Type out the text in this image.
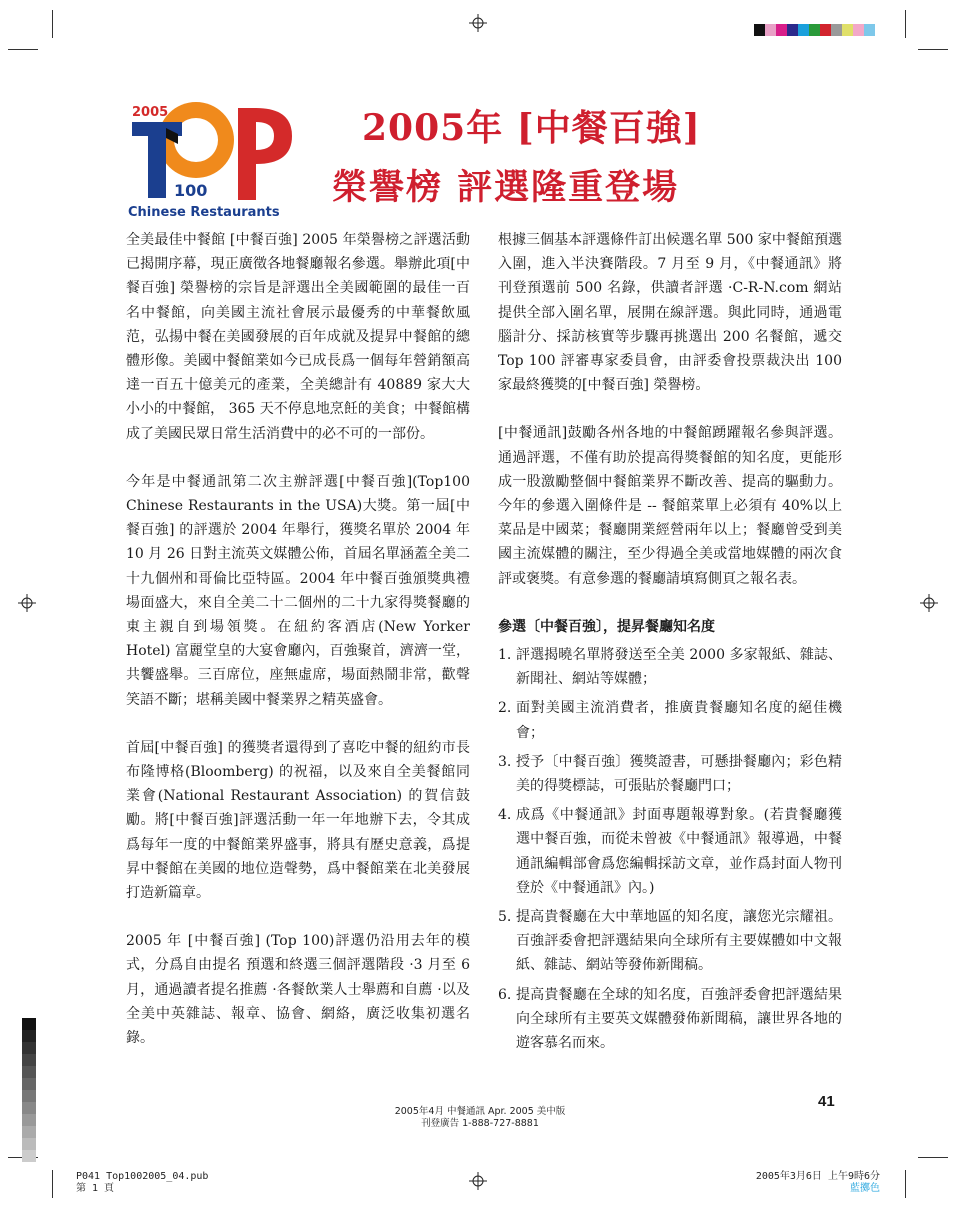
2005
100
Chinese Restaurants
2005年 [中餐百強]
榮譽榜 評選隆重登場

全美最佳中餐館 [中餐百強] 2005 年榮譽榜之評選活動已揭開序幕，現正廣徵各地餐廳報名參選。舉辦此項[中餐百強] 榮譽榜的宗旨是評選出全美國範圍的最佳一百名中餐館，向美國主流社會展示最優秀的中華餐飲風范，弘揚中餐在美國發展的百年成就及提昇中餐館的總體形像。美國中餐館業如今已成長爲一個每年營銷額高達一百五十億美元的產業，全美總計有 40889 家大大小小的中餐館， 365 天不停息地烹飪的美食；中餐館構成了美國民眾日常生活消費中的必不可的一部份。

今年是中餐通訊第二次主辦評選[中餐百強](Top100 Chinese Restaurants in the USA)大獎。第一屆[中餐百強] 的評選於 2004 年舉行，獲獎名單於 2004 年 10 月 26 日對主流英文媒體公佈，首屆名單涵蓋全美二十九個州和哥倫比亞特區。2004 年中餐百強頒獎典禮場面盛大，來自全美二十二個州的二十九家得獎餐廳的東主親自到場領獎。在紐約客酒店(New Yorker Hotel) 富麗堂皇的大宴會廳內，百強聚首，濟濟一堂，共饗盛舉。三百席位，座無虛席，場面熱鬧非常，歡聲笑語不斷；堪稱美國中餐業界之精英盛會。

首屆[中餐百強] 的獲獎者還得到了喜吃中餐的紐約市長布隆博格(Bloomberg) 的祝福，以及來自全美餐館同業會(National Restaurant Association) 的賀信鼓勵。將[中餐百強]評選活動一年一年地辦下去，令其成爲每年一度的中餐館業界盛事，將具有歷史意義，爲提昇中餐館在美國的地位造聲勢，爲中餐館業在北美發展打造新篇章。

2005 年 [中餐百強] (Top 100)評選仍沿用去年的模式，分爲自由提名 預選和終選三個評選階段 ·3 月至 6 月，通過讀者提名推薦 ·各餐飲業人士舉薦和自薦 ·以及全美中英雜誌、報章、協會、網絡，廣泛收集初選名錄。

根據三個基本評選條件訂出候選名單 500 家中餐館預選入圍，進入半決賽階段。7 月至 9 月，《中餐通訊》將刊登預選前 500 名錄，供讀者評選 ·C-R-N.com 網站提供全部入圍名單，展開在線評選。與此同時，通過電腦計分、採訪核實等步驟再挑選出 200 名餐館，遞交 Top 100 評審專家委員會，由評委會投票裁決出 100 家最終獲獎的[中餐百強] 榮譽榜。

[中餐通訊]鼓勵各州各地的中餐館踴躍報名參與評選。通過評選，不僅有助於提高得獎餐館的知名度，更能形成一股激勵整個中餐館業界不斷改善、提高的驅動力。今年的參選入圍條件是 -- 餐館菜單上必須有 40%以上菜品是中國菜；餐廳開業經營兩年以上；餐廳曾受到美國主流媒體的關注，至少得過全美或當地媒體的兩次食評或褒獎。有意參選的餐廳請填寫側頁之報名表。

參選〔中餐百強〕，提昇餐廳知名度
1. 評選揭曉名單將發送至全美 2000 多家報紙、雜誌、新聞社、網站等媒體；
2. 面對美國主流消費者，推廣貴餐廳知名度的絕佳機會；
3. 授予〔中餐百強〕獲獎證書，可懸掛餐廳內；彩色精美的得獎標誌，可張貼於餐廳門口；
4. 成爲《中餐通訊》封面專題報導對象。(若貴餐廳獲選中餐百強，而從未曾被《中餐通訊》報導過，中餐通訊編輯部會爲您編輯採訪文章，並作爲封面人物刊登於《中餐通訊》內。)
5. 提高貴餐廳在大中華地區的知名度，讓您光宗耀祖。百強評委會把評選結果向全球所有主要媒體如中文報紙、雜誌、網站等發佈新聞稿。
6. 提高貴餐廳在全球的知名度，百強評委會把評選結果向全球所有主要英文媒體發佈新聞稿，讓世界各地的遊客慕名而來。
41
2005年4月 中餐通訊 Apr. 2005 美中版
刊登廣告 1-888-727-8881
P041 Top1002005_04.pub
第 1 頁
2005年3月6日 上午9時6分
藍擲色
